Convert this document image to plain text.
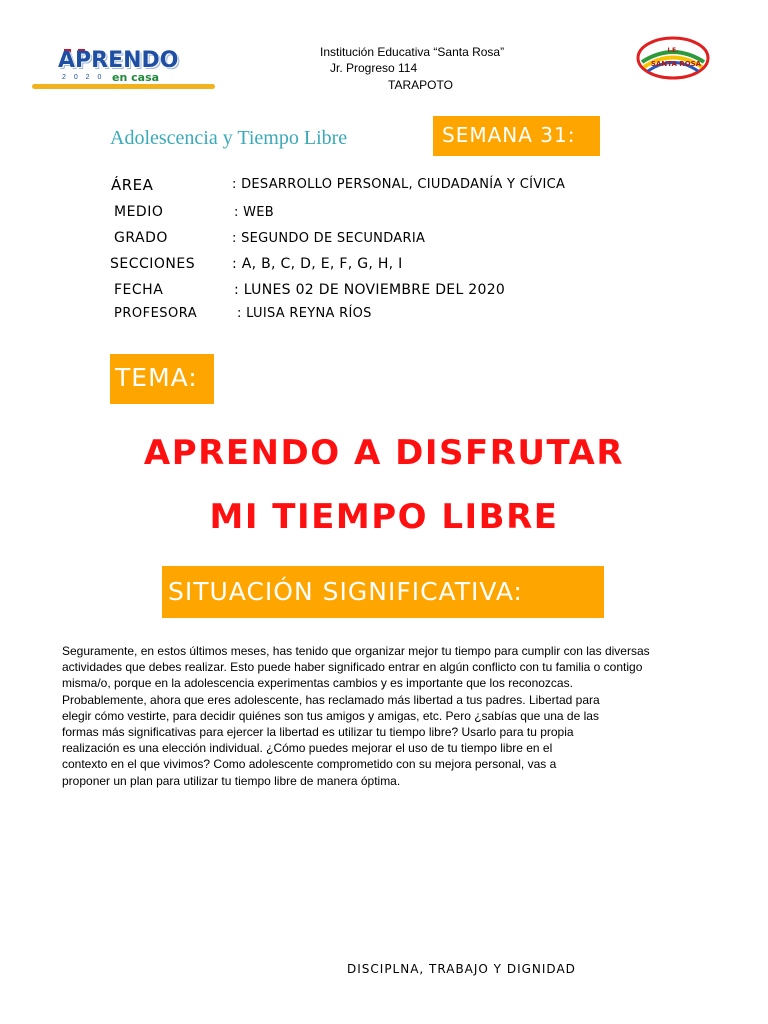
APRENDO
2 0 2 0 en casa
Institución Educativa “Santa Rosa”
Jr. Progreso 114
TARAPOTO
I.E.
SANTA ROSA
Adolescencia y Tiempo Libre	SEMANA 31:
ÁREA	: DESARROLLO PERSONAL, CIUDADANÍA Y CÍVICA
MEDIO	: WEB
GRADO	: SEGUNDO DE SECUNDARIA
SECCIONES	: A, B, C, D, E, F, G, H, I
FECHA	: LUNES 02 DE NOVIEMBRE DEL 2020
PROFESORA	: LUISA REYNA RÍOS
TEMA:
APRENDO A DISFRUTAR
MI TIEMPO LIBRE
SITUACIÓN SIGNIFICATIVA:
Seguramente, en estos últimos meses, has tenido que organizar mejor tu tiempo para cumplir con las diversas
actividades que debes realizar. Esto puede haber significado entrar en algún conflicto con tu familia o contigo
misma/o, porque en la adolescencia experimentas cambios y es importante que los reconozcas.
Probablemente, ahora que eres adolescente, has reclamado más libertad a tus padres. Libertad para
elegir cómo vestirte, para decidir quiénes son tus amigos y amigas, etc. Pero ¿sabías que una de las
formas más significativas para ejercer la libertad es utilizar tu tiempo libre? Usarlo para tu propia
realización es una elección individual. ¿Cómo puedes mejorar el uso de tu tiempo libre en el
contexto en el que vivimos? Como adolescente comprometido con su mejora personal, vas a
proponer un plan para utilizar tu tiempo libre de manera óptima.
DISCIPLNA, TRABAJO Y DIGNIDAD
